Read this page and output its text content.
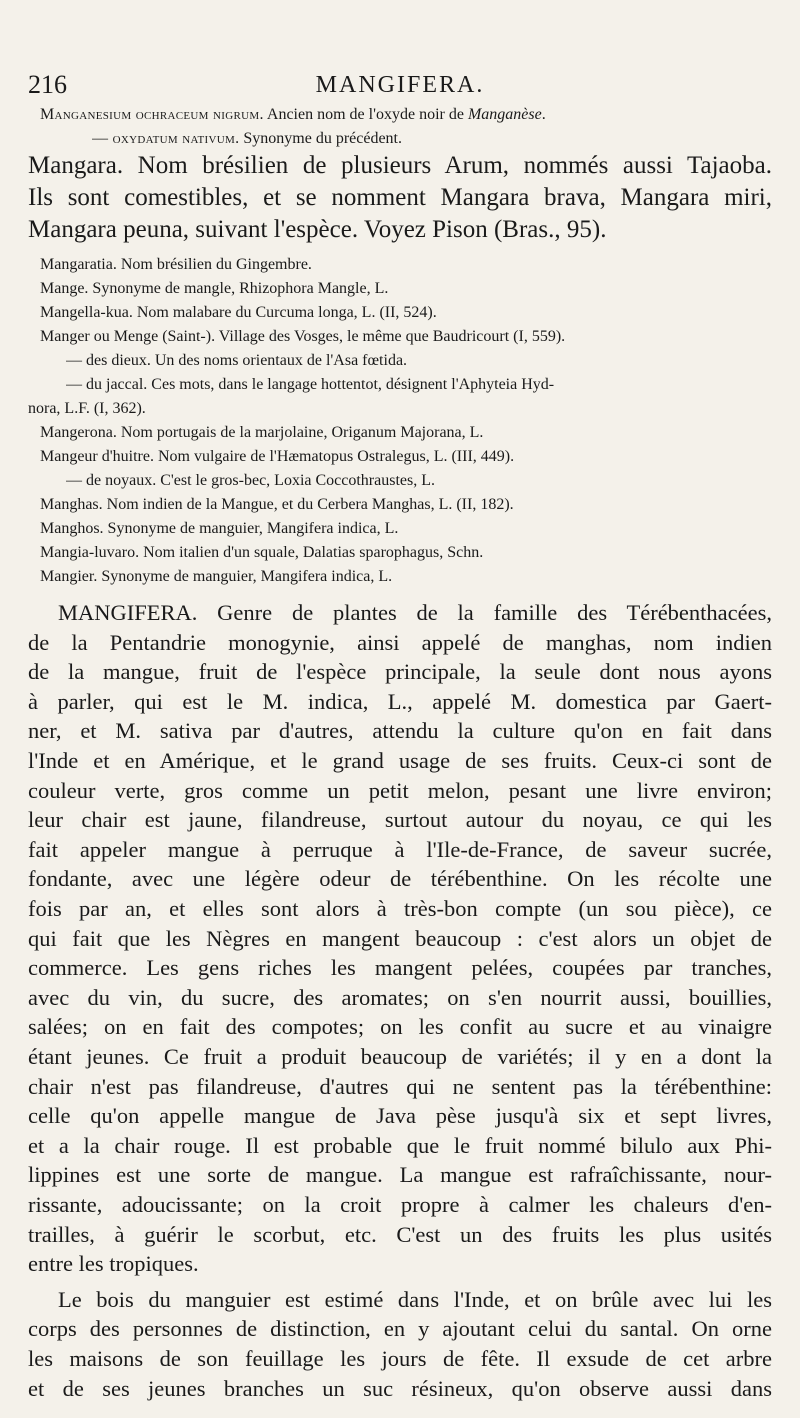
216	MANGIFERA.
Manganesium ochraceum nigrum. Ancien nom de l'oxyde noir de Manganèse.
— oxydatum nativum. Synonyme du précédent.
Mangara. Nom brésilien de plusieurs Arum, nommés aussi Tajaoba.
Ils sont comestibles, et se nomment Mangara brava, Mangara miri,
Mangara peuna, suivant l'espèce. Voyez Pison (Bras., 95).
Mangaratia. Nom brésilien du Gingembre.
Mange. Synonyme de mangle, Rhizophora Mangle, L.
Mangella-kua. Nom malabare du Curcuma longa, L. (II, 524).
Manger ou Menge (Saint-). Village des Vosges, le même que Baudricourt (I, 559).
— des dieux. Un des noms orientaux de l'Asa fœtida.
— du jaccal. Ces mots, dans le langage hottentot, désignent l'Aphyteia Hyd-
nora, L.F. (I, 362).
Mangerona. Nom portugais de la marjolaine, Origanum Majorana, L.
Mangeur d'huitre. Nom vulgaire de l'Hæmatopus Ostralegus, L. (III, 449).
— de noyaux. C'est le gros-bec, Loxia Coccothraustes, L.
Manghas. Nom indien de la Mangue, et du Cerbera Manghas, L. (II, 182).
Manghos. Synonyme de manguier, Mangifera indica, L.
Mangia-luvaro. Nom italien d'un squale, Dalatias sparophagus, Schn.
Mangier. Synonyme de manguier, Mangifera indica, L.
MANGIFERA. Genre de plantes de la famille des Térébenthacées,
de la Pentandrie monogynie, ainsi appelé de manghas, nom indien
de la mangue, fruit de l'espèce principale, la seule dont nous ayons
à parler, qui est le M. indica, L., appelé M. domestica par Gaert-
ner, et M. sativa par d'autres, attendu la culture qu'on en fait dans
l'Inde et en Amérique, et le grand usage de ses fruits. Ceux-ci sont de
couleur verte, gros comme un petit melon, pesant une livre environ;
leur chair est jaune, filandreuse, surtout autour du noyau, ce qui les
fait appeler mangue à perruque à l'Ile-de-France, de saveur sucrée,
fondante, avec une légère odeur de térébenthine. On les récolte une
fois par an, et elles sont alors à très-bon compte (un sou pièce), ce
qui fait que les Nègres en mangent beaucoup : c'est alors un objet de
commerce. Les gens riches les mangent pelées, coupées par tranches,
avec du vin, du sucre, des aromates; on s'en nourrit aussi, bouillies,
salées; on en fait des compotes; on les confit au sucre et au vinaigre
étant jeunes. Ce fruit a produit beaucoup de variétés; il y en a dont la
chair n'est pas filandreuse, d'autres qui ne sentent pas la térébenthine:
celle qu'on appelle mangue de Java pèse jusqu'à six et sept livres,
et a la chair rouge. Il est probable que le fruit nommé bilulo aux Phi-
lippines est une sorte de mangue. La mangue est rafraîchissante, nour-
rissante, adoucissante; on la croit propre à calmer les chaleurs d'en-
trailles, à guérir le scorbut, etc. C'est un des fruits les plus usités
entre les tropiques.
Le bois du manguier est estimé dans l'Inde, et on brûle avec lui les
corps des personnes de distinction, en y ajoutant celui du santal. On orne
les maisons de son feuillage les jours de fête. Il exsude de cet arbre
et de ses jeunes branches un suc résineux, qu'on observe aussi dans
